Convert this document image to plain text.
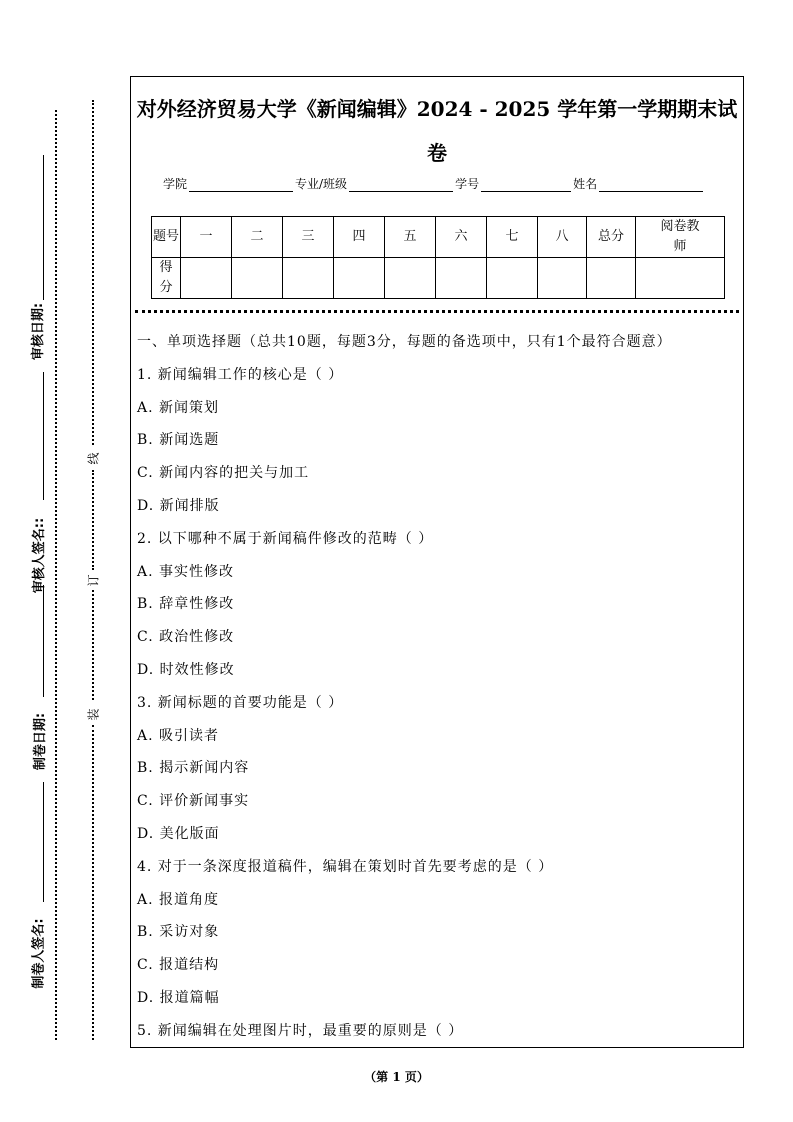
审核日期:
审核人签名::
制卷日期:
制卷人签名:
线
订
装
对外经济贸易大学《新闻编辑》2024 - 2025 学年第一学期期末试卷
学院	专业/班级	学号	姓名
题号	一	二	三	四	五	六	七	八	总分	阅卷教师
得分										
一、单项选择题（总共10题，每题3分，每题的备选项中，只有1个最符合题意）
1. 新闻编辑工作的核心是（ ）
A. 新闻策划
B. 新闻选题
C. 新闻内容的把关与加工
D. 新闻排版
2. 以下哪种不属于新闻稿件修改的范畴（ ）
A. 事实性修改
B. 辞章性修改
C. 政治性修改
D. 时效性修改
3. 新闻标题的首要功能是（ ）
A. 吸引读者
B. 揭示新闻内容
C. 评价新闻事实
D. 美化版面
4. 对于一条深度报道稿件，编辑在策划时首先要考虑的是（ ）
A. 报道角度
B. 采访对象
C. 报道结构
D. 报道篇幅
5. 新闻编辑在处理图片时，最重要的原则是（ ）
（第 1 页）
